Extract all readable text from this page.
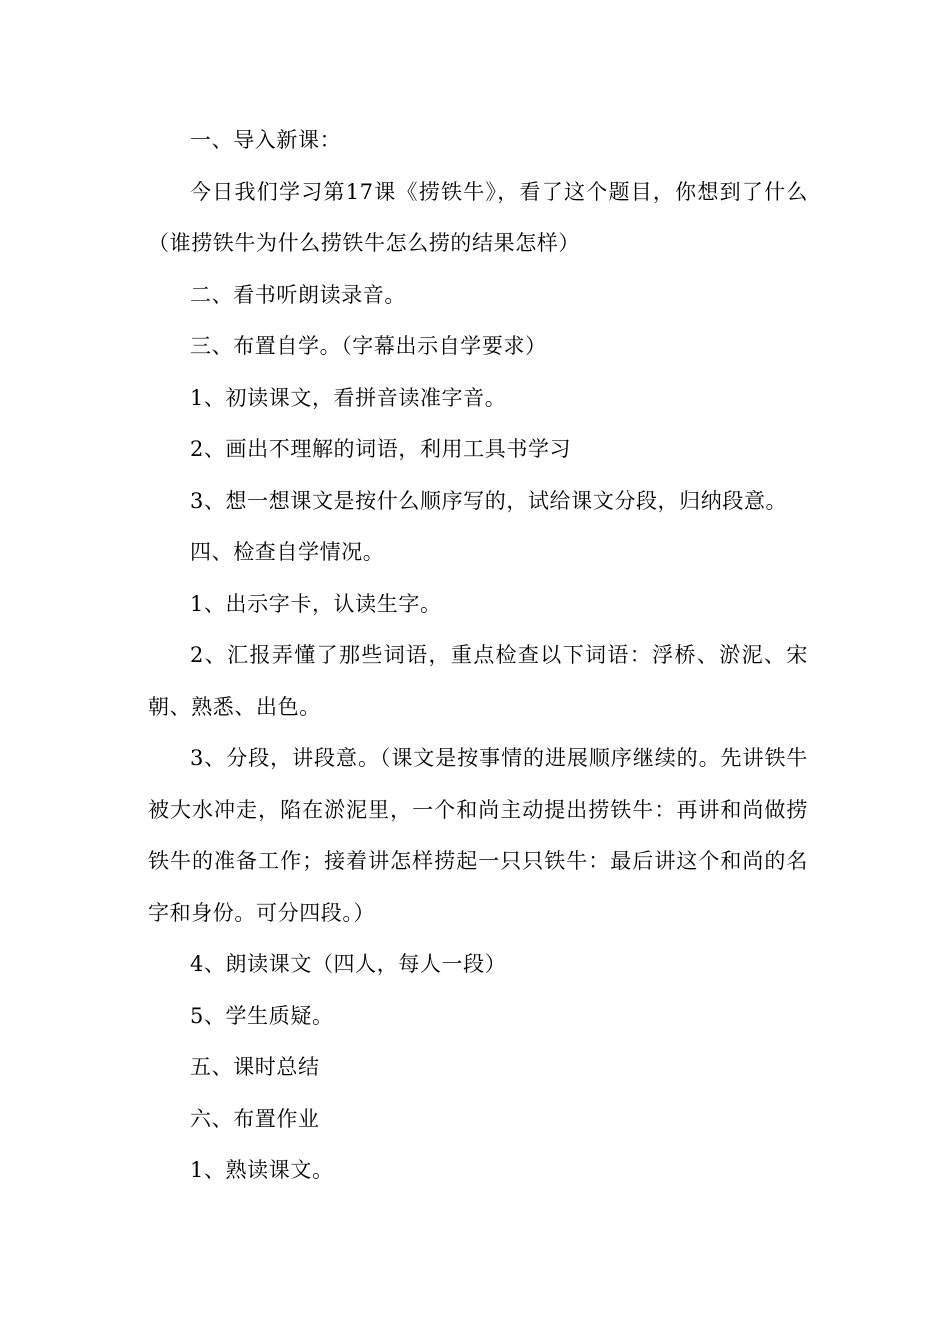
一、导入新课：

今日我们学习第17课《捞铁牛》，看了这个题目，你想到了什么（谁捞铁牛为什么捞铁牛怎么捞的结果怎样）

二、看书听朗读录音。

三、布置自学。（字幕出示自学要求）

1、初读课文，看拼音读准字音。

2、画出不理解的词语，利用工具书学习

3、想一想课文是按什么顺序写的，试给课文分段，归纳段意。

四、检查自学情况。

1、出示字卡，认读生字。

2、汇报弄懂了那些词语，重点检查以下词语：浮桥、淤泥、宋朝、熟悉、出色。

3、分段，讲段意。（课文是按事情的进展顺序继续的。先讲铁牛被大水冲走，陷在淤泥里，一个和尚主动提出捞铁牛：再讲和尚做捞铁牛的准备工作；接着讲怎样捞起一只只铁牛：最后讲这个和尚的名字和身份。可分四段。）

4、朗读课文（四人，每人一段）

5、学生质疑。

五、课时总结

六、布置作业

1、熟读课文。
